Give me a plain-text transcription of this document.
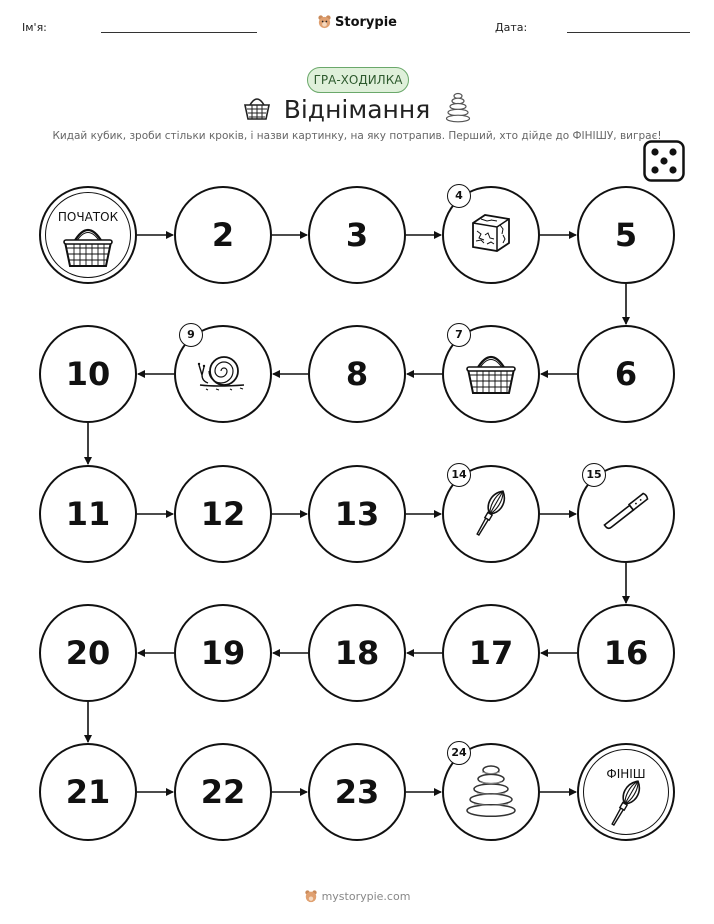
Ім'я:	Storypie	Дата:
ГРА-ХОДИЛКА
Віднімання
Кидай кубик, зроби стільки кроків, і назви картинку, на яку потрапив. Перший, хто дійде до ФІНІШУ, виграє!
ПОЧАТОК	2	3
4
5
6
7
8
9
10
11	12	13
14	15
16
17
18
19
20
21	22	23
24
ФІНІШ
mystorypie.com
